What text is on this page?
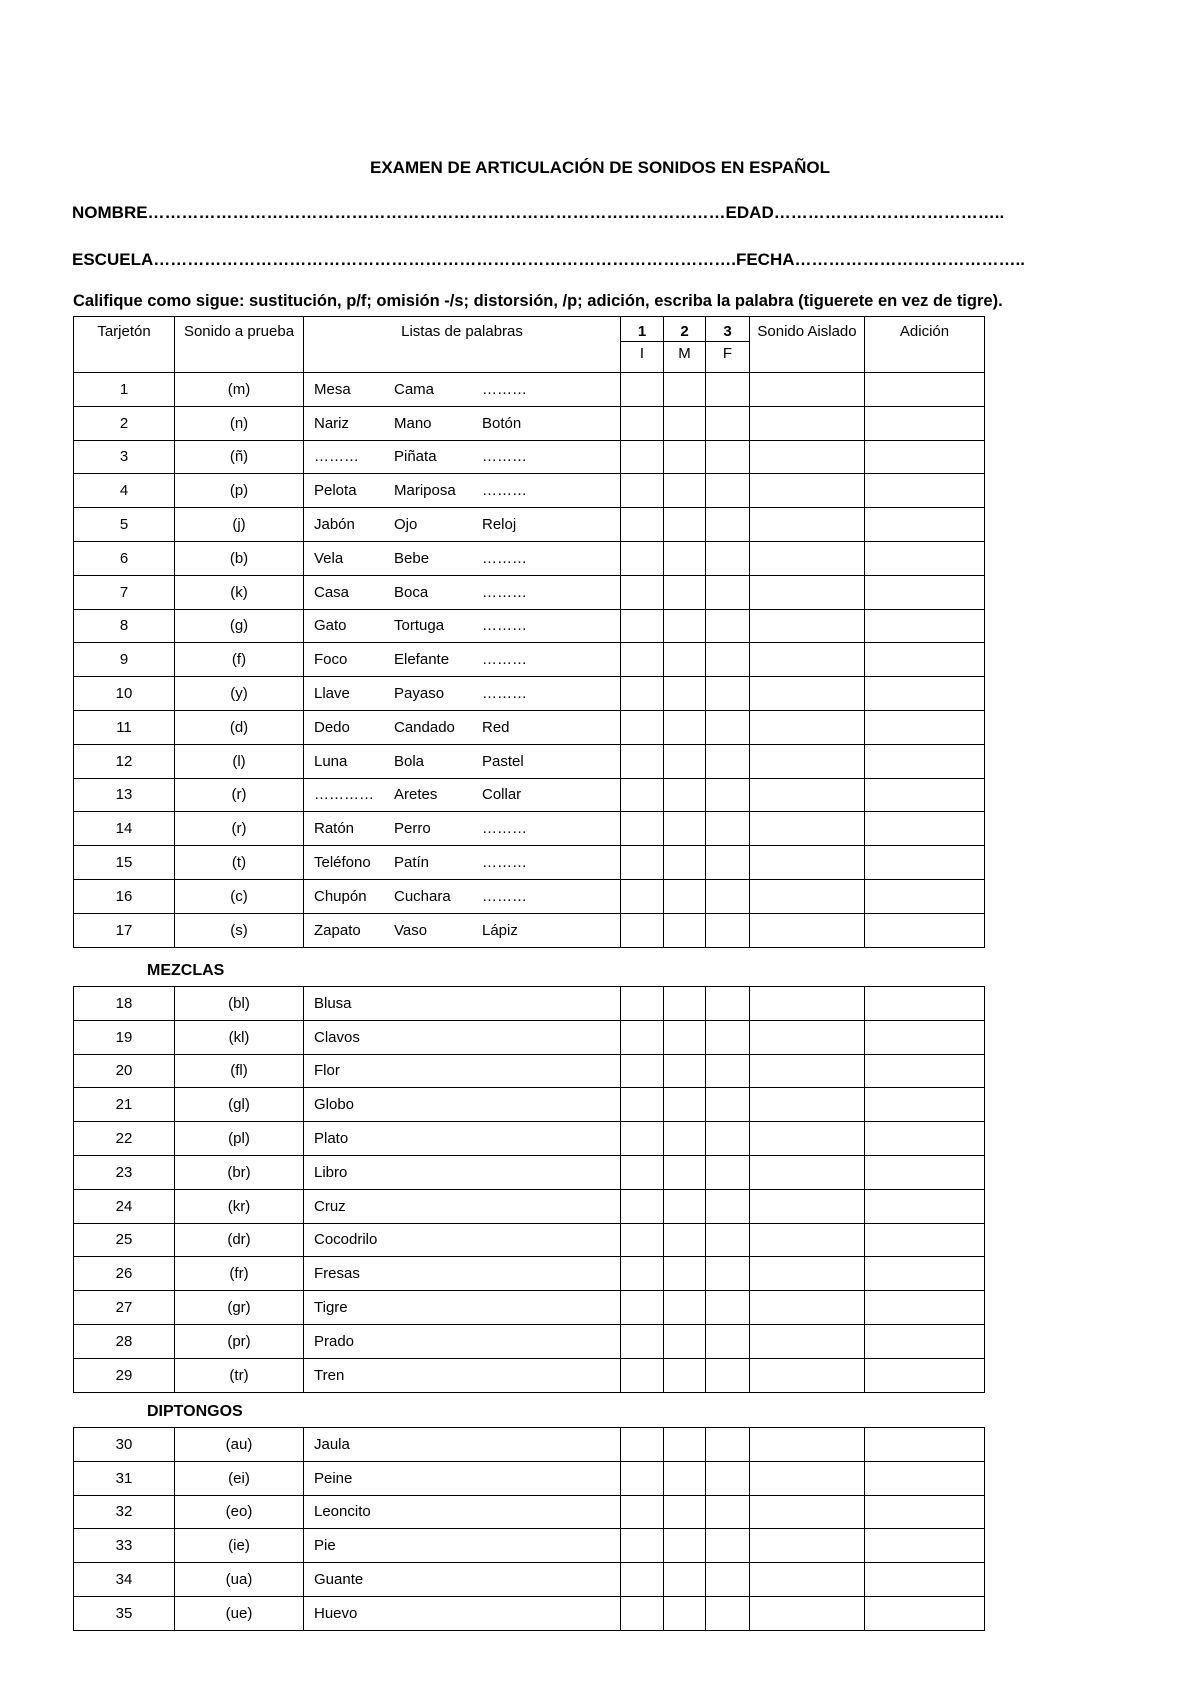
EXAMEN DE ARTICULACIÓN DE SONIDOS EN ESPAÑOL
NOMBRE…………………………………………………………………………………………EDAD…………………………………..
ESCUELA………………………………………………………………………………………….FECHA…………………………………..
Califique como sigue: sustitución, p/f; omisión -/s; distorsión, /p; adición, escriba la palabra (tiguerete en vez de tigre).
Tarjetón	Sonido a prueba	Listas de palabras	1	2	3	Sonido Aislado	Adición
			I	M	F		
1	(m)	Mesa Cama ………					
2	(n)	Nariz Mano Botón					
3	(ñ)	……… Piñata ………					
4	(p)	Pelota Mariposa ………					
5	(j)	Jabón Ojo Reloj					
6	(b)	Vela Bebe ………					
7	(k)	Casa Boca ………					
8	(g)	Gato Tortuga ………					
9	(f)	Foco Elefante ………					
10	(y)	Llave Payaso ………					
11	(d)	Dedo Candado Red					
12	(l)	Luna Bola Pastel					
13	(r)	………… Aretes Collar					
14	(r)	Ratón Perro ………					
15	(t)	Teléfono Patín ………					
16	(c)	Chupón Cuchara ………					
17	(s)	Zapato Vaso Lápiz					
MEZCLAS
18	(bl)	Blusa					
19	(kl)	Clavos					
20	(fl)	Flor					
21	(gl)	Globo					
22	(pl)	Plato					
23	(br)	Libro					
24	(kr)	Cruz					
25	(dr)	Cocodrilo					
26	(fr)	Fresas					
27	(gr)	Tigre					
28	(pr)	Prado					
29	(tr)	Tren					
DIPTONGOS
30	(au)	Jaula					
31	(ei)	Peine					
32	(eo)	Leoncito					
33	(ie)	Pie					
34	(ua)	Guante					
35	(ue)	Huevo					
